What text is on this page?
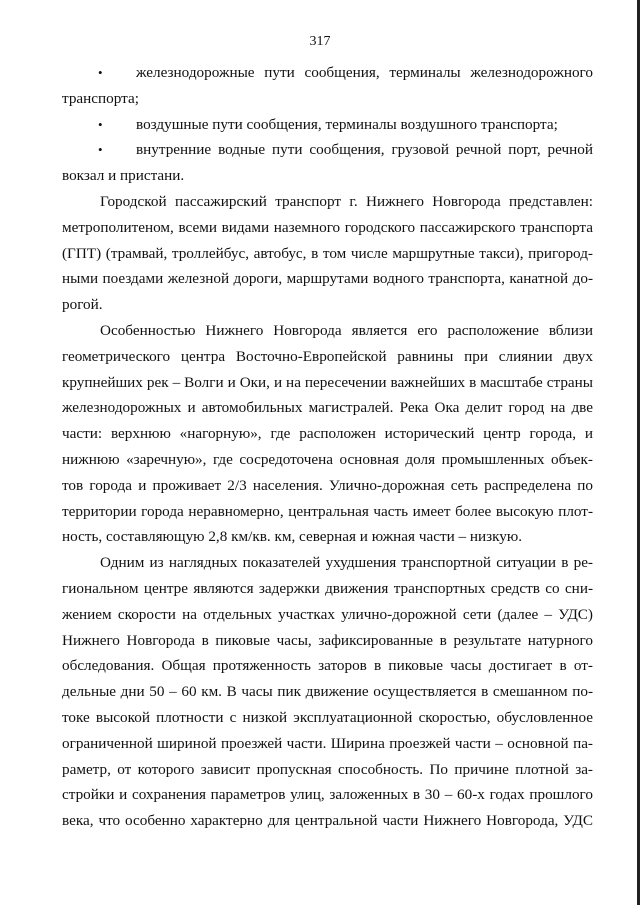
317
• железнодорожные пути сообщения, терминалы железнодорожного
транспорта;
• воздушные пути сообщения, терминалы воздушного транспорта;
• внутренние водные пути сообщения, грузовой речной порт, речной
вокзал и пристани.
Городской пассажирский транспорт г. Нижнего Новгорода представлен:
метрополитеном, всеми видами наземного городского пассажирского транспорта
(ГПТ) (трамвай, троллейбус, автобус, в том числе маршрутные такси), пригород-
ными поездами железной дороги, маршрутами водного транспорта, канатной до-
рогой.
Особенностью Нижнего Новгорода является его расположение вблизи
геометрического центра Восточно-Европейской равнины при слиянии двух
крупнейших рек – Волги и Оки, и на пересечении важнейших в масштабе страны
железнодорожных и автомобильных магистралей. Река Ока делит город на две
части: верхнюю «нагорную», где расположен исторический центр города, и
нижнюю «заречную», где сосредоточена основная доля промышленных объек-
тов города и проживает 2/3 населения. Улично-дорожная сеть распределена по
территории города неравномерно, центральная часть имеет более высокую плот-
ность, составляющую 2,8 км/кв. км, северная и южная части – низкую.
Одним из наглядных показателей ухудшения транспортной ситуации в ре-
гиональном центре являются задержки движения транспортных средств со сни-
жением скорости на отдельных участках улично-дорожной сети (далее – УДС)
Нижнего Новгорода в пиковые часы, зафиксированные в результате натурного
обследования. Общая протяженность заторов в пиковые часы достигает в от-
дельные дни 50 – 60 км. В часы пик движение осуществляется в смешанном по-
токе высокой плотности с низкой эксплуатационной скоростью, обусловленное
ограниченной шириной проезжей части. Ширина проезжей части – основной па-
раметр, от которого зависит пропускная способность. По причине плотной за-
стройки и сохранения параметров улиц, заложенных в 30 – 60-х годах прошлого
века, что особенно характерно для центральной части Нижнего Новгорода, УДС
